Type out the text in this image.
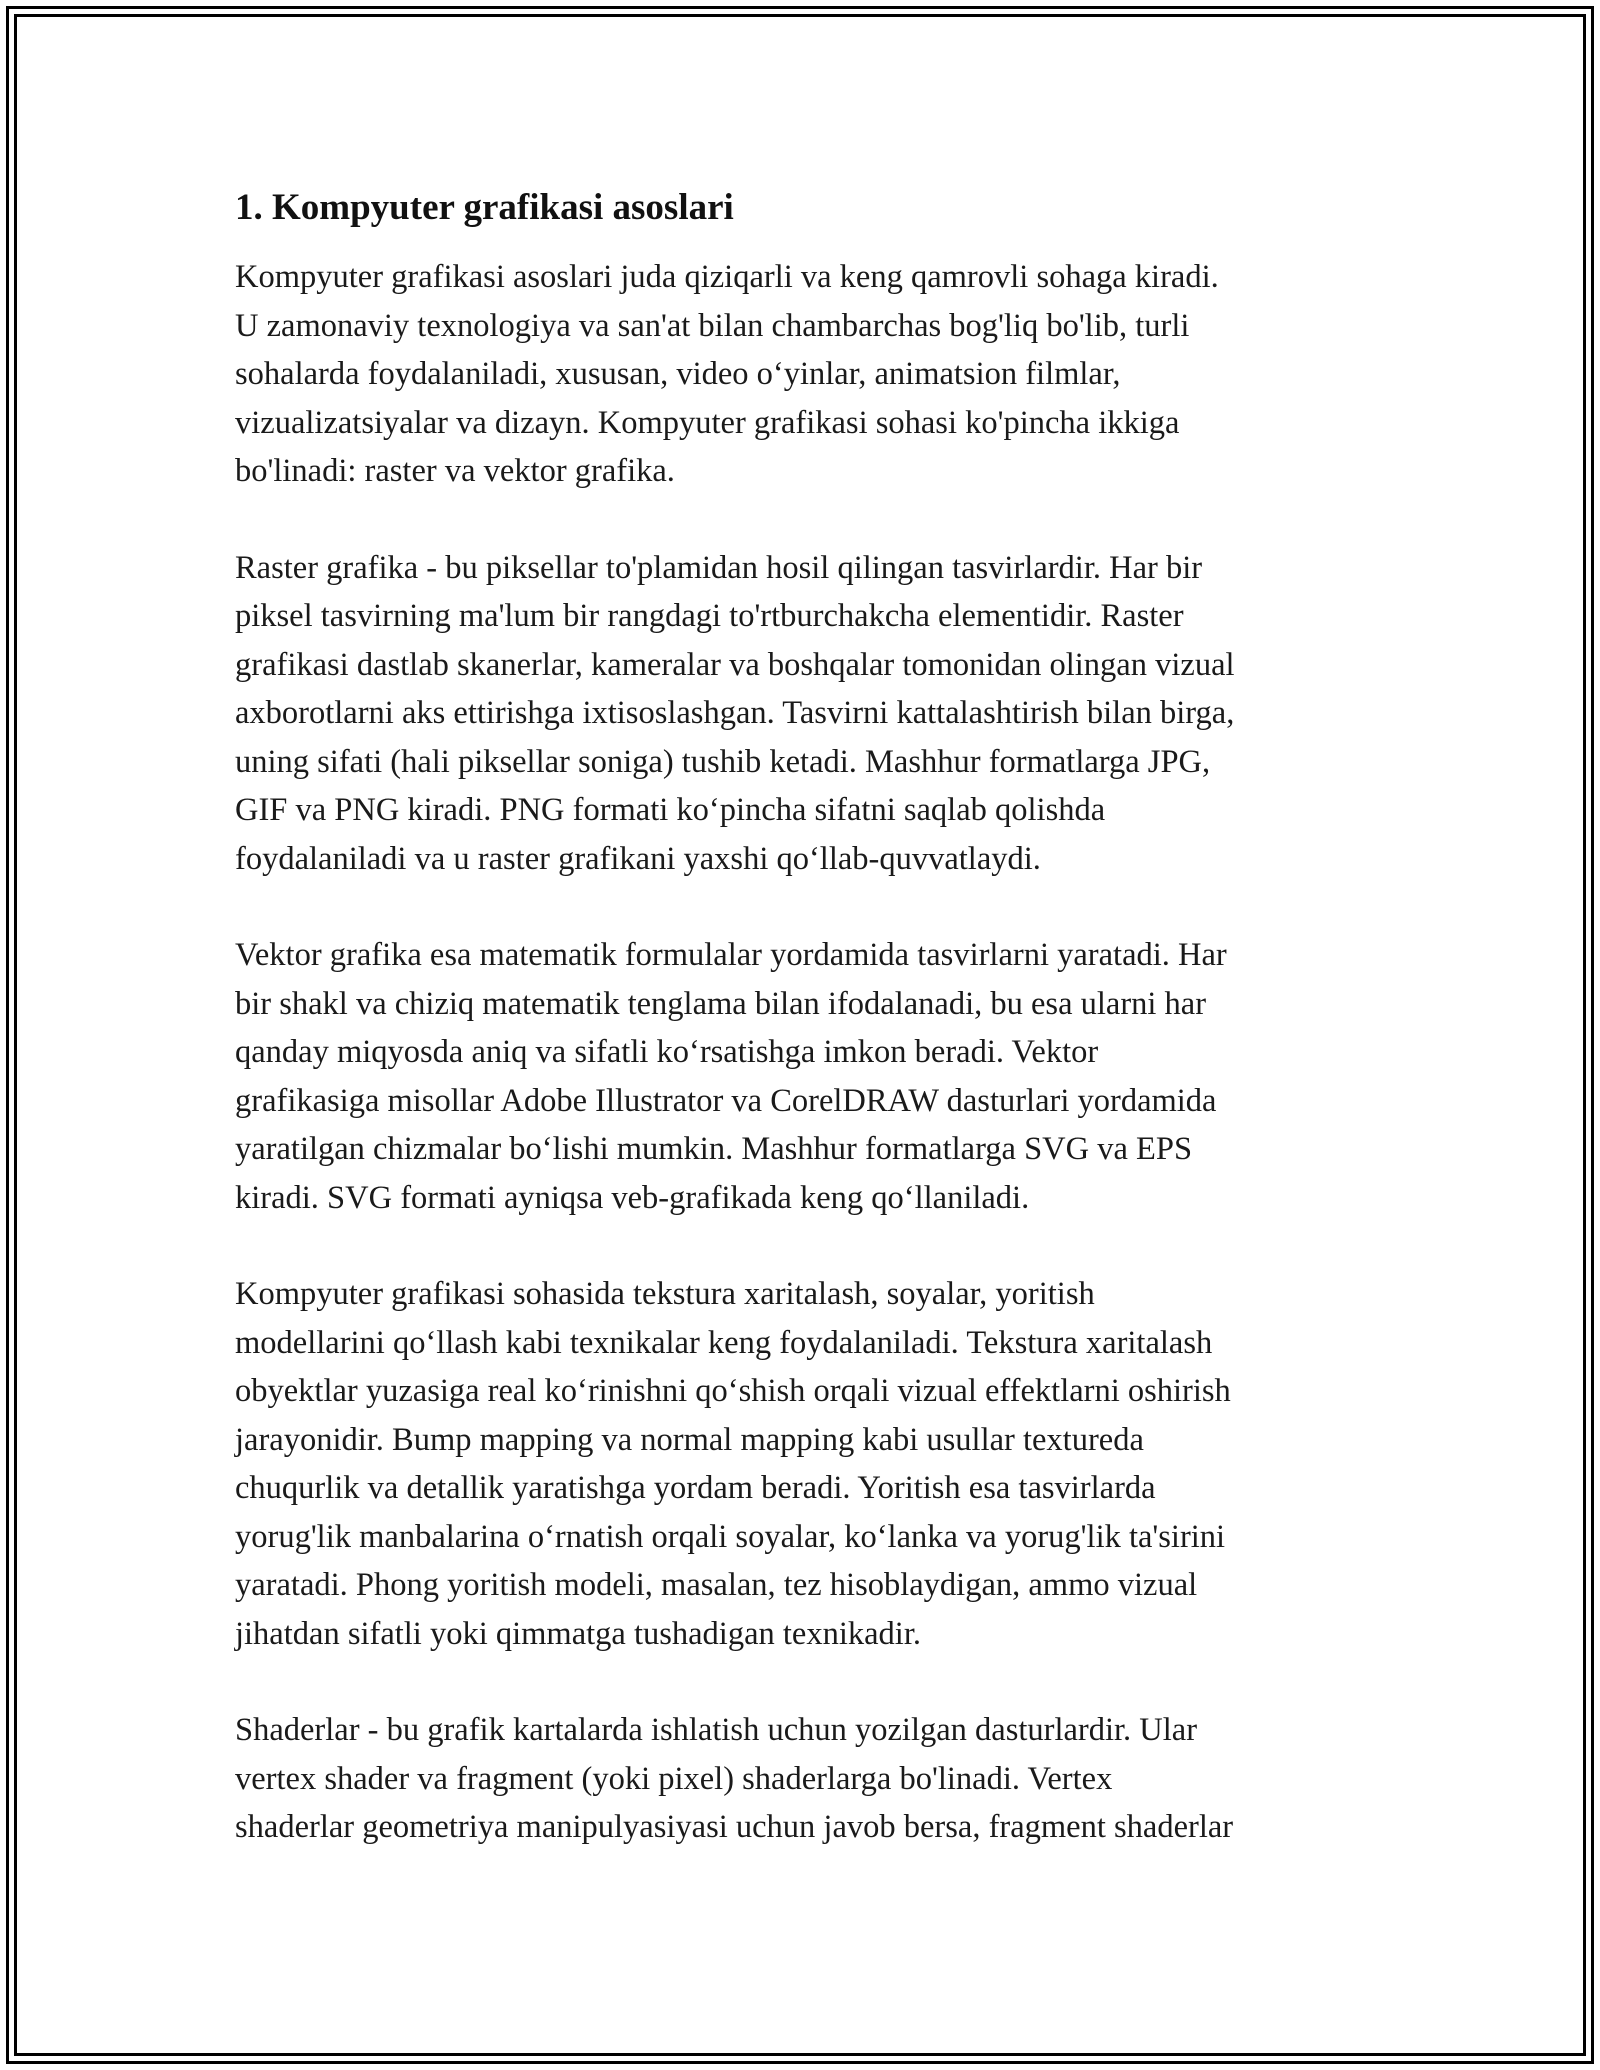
1. Kompyuter grafikasi asoslari

Kompyuter grafikasi asoslari juda qiziqarli va keng qamrovli sohaga kiradi.
U zamonaviy texnologiya va san'at bilan chambarchas bog'liq bo'lib, turli
sohalarda foydalaniladi, xususan, video o‘yinlar, animatsion filmlar,
vizualizatsiyalar va dizayn. Kompyuter grafikasi sohasi ko'pincha ikkiga
bo'linadi: raster va vektor grafika.

Raster grafika - bu piksellar to'plamidan hosil qilingan tasvirlardir. Har bir
piksel tasvirning ma'lum bir rangdagi to'rtburchakcha elementidir. Raster
grafikasi dastlab skanerlar, kameralar va boshqalar tomonidan olingan vizual
axborotlarni aks ettirishga ixtisoslashgan. Tasvirni kattalashtirish bilan birga,
uning sifati (hali piksellar soniga) tushib ketadi. Mashhur formatlarga JPG,
GIF va PNG kiradi. PNG formati ko‘pincha sifatni saqlab qolishda
foydalaniladi va u raster grafikani yaxshi qo‘llab-quvvatlaydi.

Vektor grafika esa matematik formulalar yordamida tasvirlarni yaratadi. Har
bir shakl va chiziq matematik tenglama bilan ifodalanadi, bu esa ularni har
qanday miqyosda aniq va sifatli ko‘rsatishga imkon beradi. Vektor
grafikasiga misollar Adobe Illustrator va CorelDRAW dasturlari yordamida
yaratilgan chizmalar bo‘lishi mumkin. Mashhur formatlarga SVG va EPS
kiradi. SVG formati ayniqsa veb-grafikada keng qo‘llaniladi.

Kompyuter grafikasi sohasida tekstura xaritalash, soyalar, yoritish
modellarini qo‘llash kabi texnikalar keng foydalaniladi. Tekstura xaritalash
obyektlar yuzasiga real ko‘rinishni qo‘shish orqali vizual effektlarni oshirish
jarayonidir. Bump mapping va normal mapping kabi usullar textureda
chuqurlik va detallik yaratishga yordam beradi. Yoritish esa tasvirlarda
yorug'lik manbalarina o‘rnatish orqali soyalar, ko‘lanka va yorug'lik ta'sirini
yaratadi. Phong yoritish modeli, masalan, tez hisoblaydigan, ammo vizual
jihatdan sifatli yoki qimmatga tushadigan texnikadir.

Shaderlar - bu grafik kartalarda ishlatish uchun yozilgan dasturlardir. Ular
vertex shader va fragment (yoki pixel) shaderlarga bo'linadi. Vertex
shaderlar geometriya manipulyasiyasi uchun javob bersa, fragment shaderlar
